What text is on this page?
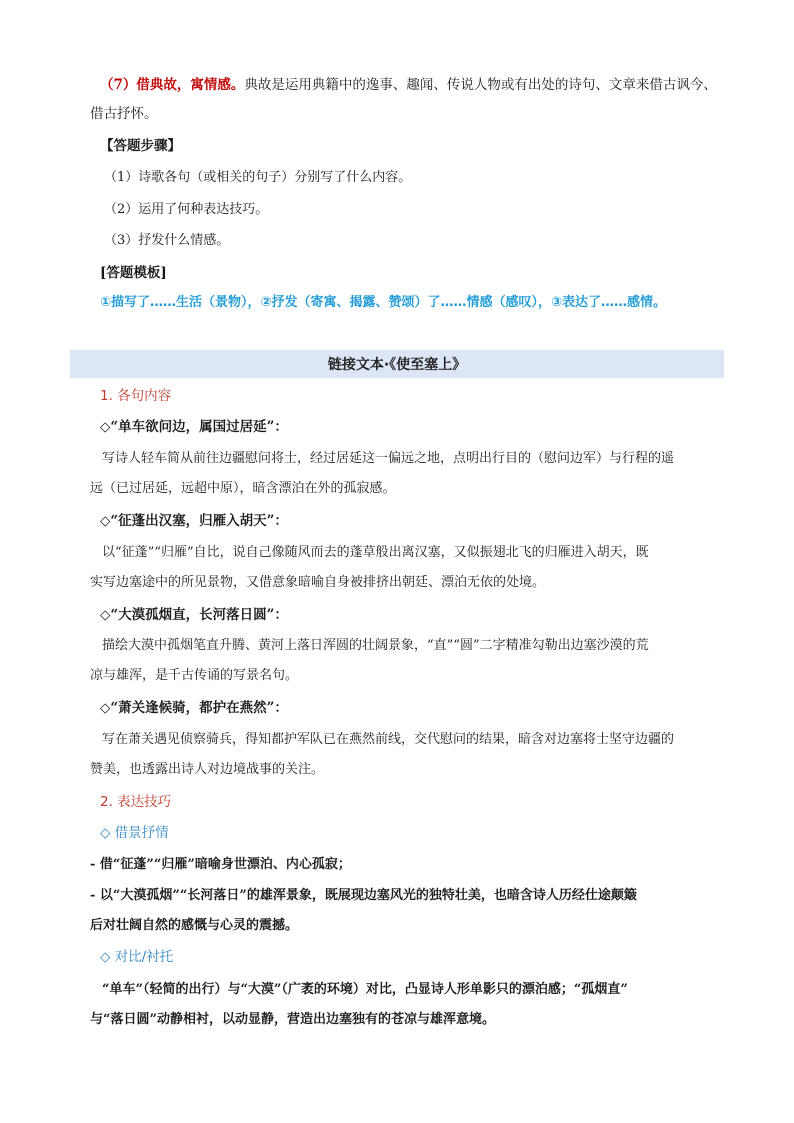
（7）借典故，寓情感。典故是运用典籍中的逸事、趣闻、传说人物或有出处的诗句、文章来借古讽今、
借古抒怀。
【答题步骤】
（1）诗歌各句（或相关的句子）分别写了什么内容。
（2）运用了何种表达技巧。
（3）抒发什么情感。
[答题模板]
①描写了……生活（景物），②抒发（寄寓、揭露、赞颂）了……情感（感叹），③表达了……感情。
链接文本·《使至塞上》
1. 各句内容
◇“单车欲问边，属国过居延”：
写诗人轻车简从前往边疆慰问将士，经过居延这一偏远之地，点明出行目的（慰问边军）与行程的遥
远（已过居延，远超中原），暗含漂泊在外的孤寂感。
◇“征蓬出汉塞，归雁入胡天”：
以“征蓬”“归雁”自比，说自己像随风而去的蓬草般出离汉塞，又似振翅北飞的归雁进入胡天，既
实写边塞途中的所见景物，又借意象暗喻自身被排挤出朝廷、漂泊无依的处境。
◇“大漠孤烟直，长河落日圆”：
描绘大漠中孤烟笔直升腾、黄河上落日浑圆的壮阔景象，“直”“圆”二字精准勾勒出边塞沙漠的荒
凉与雄浑，是千古传诵的写景名句。
◇“萧关逢候骑，都护在燕然”：
写在萧关遇见侦察骑兵，得知都护军队已在燕然前线，交代慰问的结果，暗含对边塞将士坚守边疆的
赞美，也透露出诗人对边境战事的关注。
2. 表达技巧
◇ 借景抒情
- 借“征蓬”“归雁”暗喻身世漂泊、内心孤寂；
- 以“大漠孤烟”“长河落日”的雄浑景象，既展现边塞风光的独特壮美，也暗含诗人历经仕途颠簸
后对壮阔自然的感慨与心灵的震撼。
◇ 对比/衬托
“单车”（轻简的出行）与“大漠”（广袤的环境）对比，凸显诗人形单影只的漂泊感；“孤烟直”
与“落日圆”动静相衬，以动显静，营造出边塞独有的苍凉与雄浑意境。
